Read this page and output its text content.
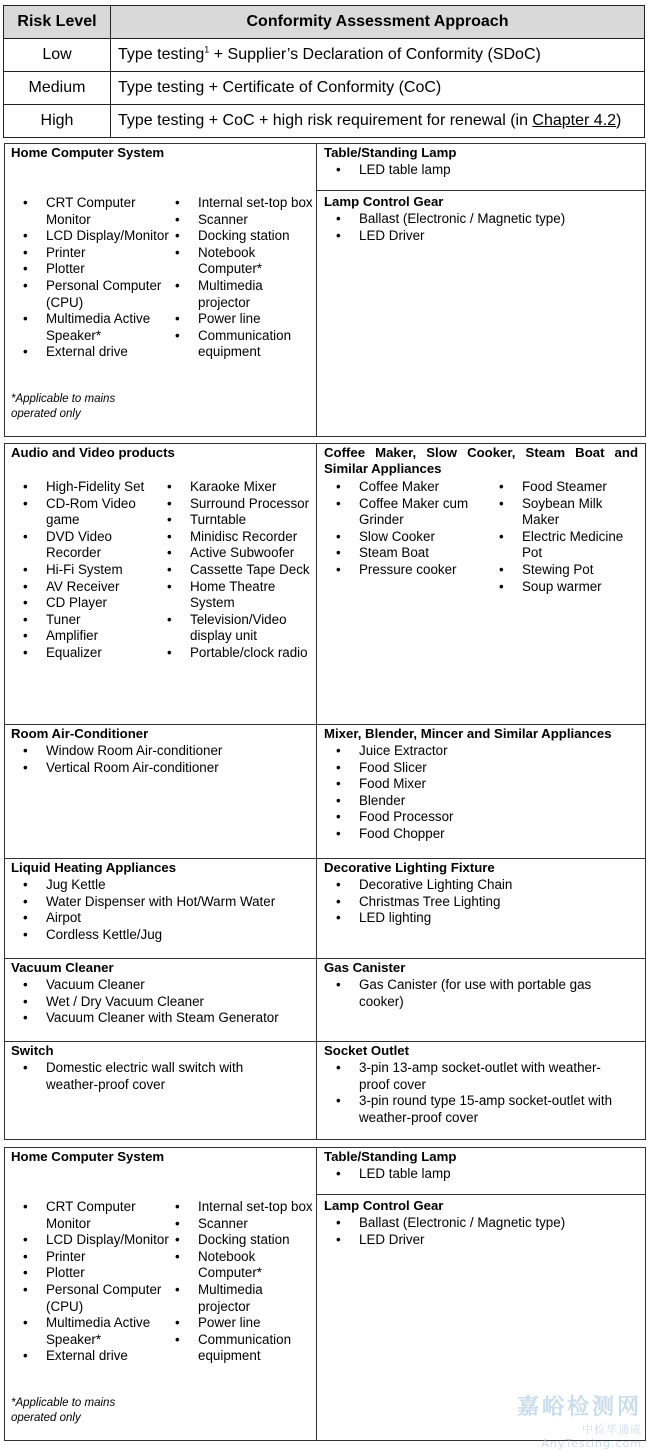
Risk Level	Conformity Assessment Approach
Low	Type testing$^1$ + Supplier’s Declaration of Conformity (SDoC)
Medium	Type testing + Certificate of Conformity (CoC)
High	Type testing + CoC + high risk requirement for renewal (in Chapter 4.2)
Home Computer System
• CRT Computer Monitor
• LCD Display/Monitor
• Printer
• Plotter
• Personal Computer (CPU)
• Multimedia Active Speaker*
• External drive
• Internal set-top box
• Scanner
• Docking station
• Notebook Computer*
• Multimedia projector
• Power line
• Communication equipment
*Applicable to mains operated only
Table/Standing Lamp
• LED table lamp
Lamp Control Gear
• Ballast (Electronic / Magnetic type)
• LED Driver
Audio and Video products
• High-Fidelity Set
• CD-Rom Video game
• DVD Video Recorder
• Hi-Fi System
• AV Receiver
• CD Player
• Tuner
• Amplifier
• Equalizer
• Karaoke Mixer
• Surround Processor
• Turntable
• Minidisc Recorder
• Active Subwoofer
• Cassette Tape Deck
• Home Theatre System
• Television/Video display unit
• Portable/clock radio
Coffee Maker, Slow Cooker, Steam Boat and Similar Appliances
• Coffee Maker
• Coffee Maker cum Grinder
• Slow Cooker
• Steam Boat
• Pressure cooker
• Food Steamer
• Soybean Milk Maker
• Electric Medicine Pot
• Stewing Pot
• Soup warmer
Room Air-Conditioner
• Window Room Air-conditioner
• Vertical Room Air-conditioner
Mixer, Blender, Mincer and Similar Appliances
• Juice Extractor
• Food Slicer
• Food Mixer
• Blender
• Food Processor
• Food Chopper
Liquid Heating Appliances
• Jug Kettle
• Water Dispenser with Hot/Warm Water
• Airpot
• Cordless Kettle/Jug
Decorative Lighting Fixture
• Decorative Lighting Chain
• Christmas Tree Lighting
• LED lighting
Vacuum Cleaner
• Vacuum Cleaner
• Wet / Dry Vacuum Cleaner
• Vacuum Cleaner with Steam Generator
Gas Canister
• Gas Canister (for use with portable gas cooker)
Switch
• Domestic electric wall switch with weather-proof cover
Socket Outlet
• 3-pin 13-amp socket-outlet with weather-proof cover
• 3-pin round type 15-amp socket-outlet with weather-proof cover
Home Computer System
• CRT Computer Monitor
• LCD Display/Monitor
• Printer
• Plotter
• Personal Computer (CPU)
• Multimedia Active Speaker*
• External drive
• Internal set-top box
• Scanner
• Docking station
• Notebook Computer*
• Multimedia projector
• Power line
• Communication equipment
*Applicable to mains operated only
Table/Standing Lamp
• LED table lamp
Lamp Control Gear
• Ballast (Electronic / Magnetic type)
• LED Driver
嘉峪检测网
中检华通威
AnyTesting.com
